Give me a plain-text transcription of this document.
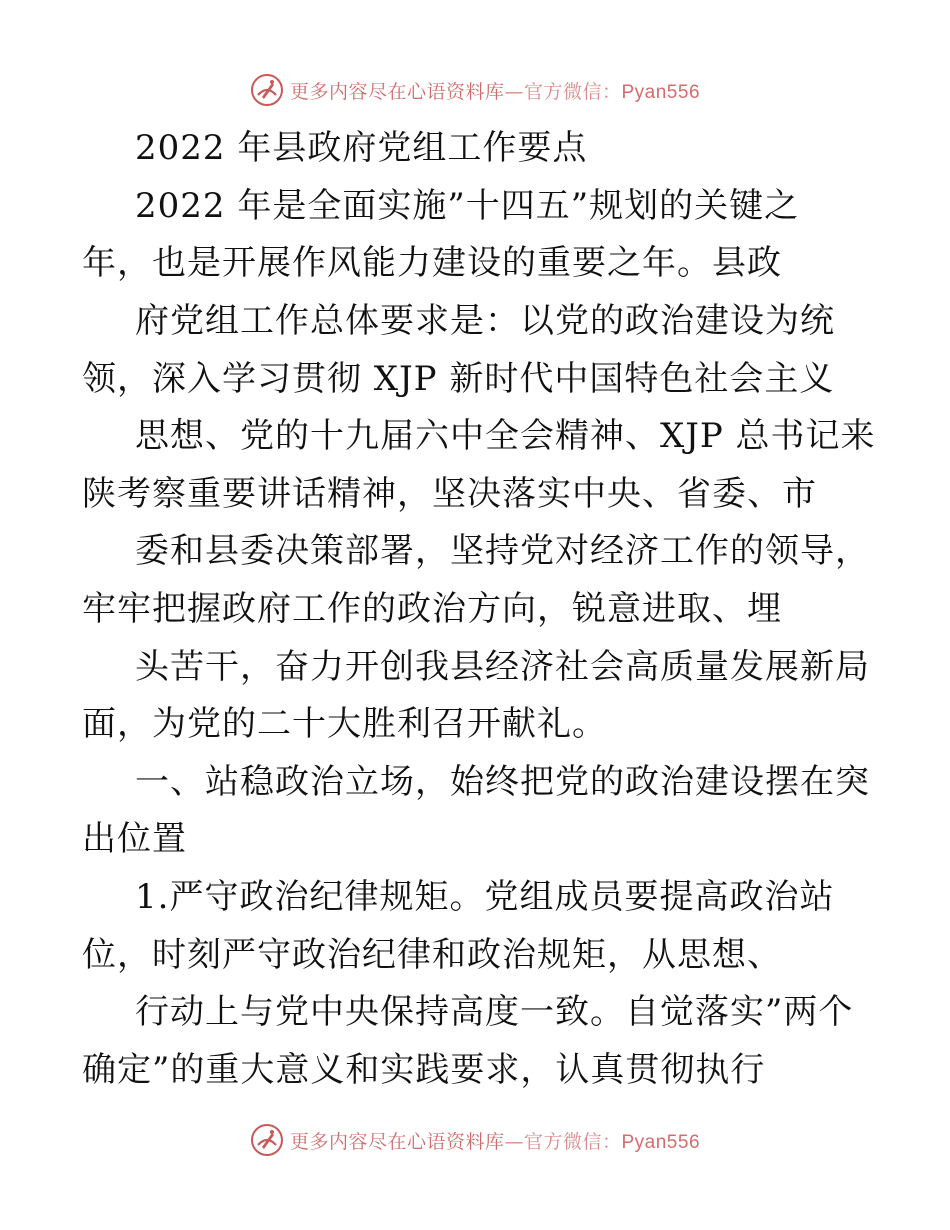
更多内容尽在心语资料库—官方微信：Pyan556
2022 年县政府党组工作要点
2022 年是全面实施”十四五”规划的关键之
年，也是开展作风能力建设的重要之年。县政
府党组工作总体要求是：以党的政治建设为统
领，深入学习贯彻 XJP 新时代中国特色社会主义
思想、党的十九届六中全会精神、XJP 总书记来
陕考察重要讲话精神，坚决落实中央、省委、市
委和县委决策部署，坚持党对经济工作的领导，
牢牢把握政府工作的政治方向，锐意进取、埋
头苦干，奋力开创我县经济社会高质量发展新局
面，为党的二十大胜利召开献礼。
一、站稳政治立场，始终把党的政治建设摆在突
出位置
1.严守政治纪律规矩。党组成员要提高政治站
位，时刻严守政治纪律和政治规矩，从思想、
行动上与党中央保持高度一致。自觉落实”两个
确定”的重大意义和实践要求，认真贯彻执行
更多内容尽在心语资料库—官方微信：Pyan556
